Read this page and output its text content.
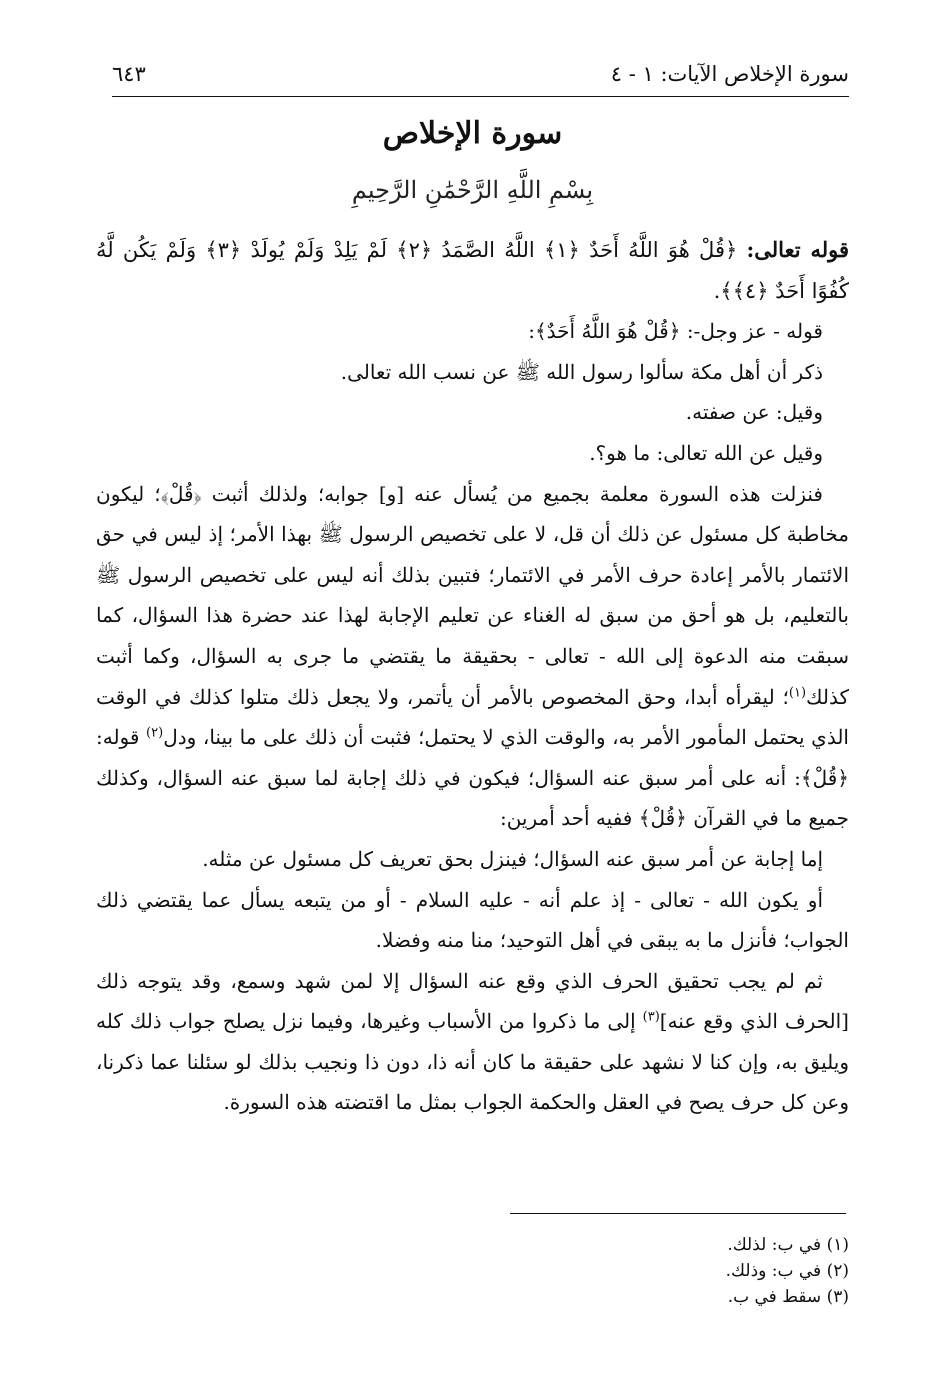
سورة الإخلاص الآيات: ١ - ٤
٦٤٣
سورة الإخلاص
بِسْمِ اللَّهِ الرَّحْمَٰنِ الرَّحِيمِ

قوله تعالى: ﴿قُلْ هُوَ اللَّهُ أَحَدٌ ﴿١﴾ اللَّهُ الصَّمَدُ ﴿٢﴾ لَمْ يَلِدْ وَلَمْ يُولَدْ ﴿٣﴾ وَلَمْ يَكُن لَّهُ كُفُوًا أَحَدٌ ﴿٤﴾﴾.

قوله - عز وجل-: ﴿قُلْ هُوَ اللَّهُ أَحَدٌ﴾:

ذكر أن أهل مكة سألوا رسول الله ﷺ عن نسب الله تعالى.

وقيل: عن صفته.

وقيل عن الله تعالى: ما هو؟.

فنزلت هذه السورة معلمة بجميع من يُسأل عنه [و] جوابه؛ ولذلك أثبت ﴿قُلْ﴾؛ ليكون مخاطبة كل مسئول عن ذلك أن قل، لا على تخصيص الرسول ﷺ بهذا الأمر؛ إذ ليس في حق الائتمار بالأمر إعادة حرف الأمر في الائتمار؛ فتبين بذلك أنه ليس على تخصيص الرسول ﷺ بالتعليم، بل هو أحق من سبق له الغناء عن تعليم الإجابة لهذا عند حضرة هذا السؤال، كما سبقت منه الدعوة إلى الله - تعالى - بحقيقة ما يقتضي ما جرى به السؤال، وكما أثبت كذلك$^{(١)}$؛ ليقرأه أبدا، وحق المخصوص بالأمر أن يأتمر، ولا يجعل ذلك متلوا كذلك في الوقت الذي يحتمل المأمور الأمر به، والوقت الذي لا يحتمل؛ فثبت أن ذلك على ما بينا، ودل$^{(٢)}$ قوله: ﴿قُلْ﴾: أنه على أمر سبق عنه السؤال؛ فيكون في ذلك إجابة لما سبق عنه السؤال، وكذلك جميع ما في القرآن ﴿قُلْ﴾ ففيه أحد أمرين:

إما إجابة عن أمر سبق عنه السؤال؛ فينزل بحق تعريف كل مسئول عن مثله.

أو يكون الله - تعالى - إذ علم أنه - عليه السلام - أو من يتبعه يسأل عما يقتضي ذلك الجواب؛ فأنزل ما به يبقى في أهل التوحيد؛ منا منه وفضلا.

ثم لم يجب تحقيق الحرف الذي وقع عنه السؤال إلا لمن شهد وسمع، وقد يتوجه ذلك [الحرف الذي وقع عنه]$^{(٣)}$ إلى ما ذكروا من الأسباب وغيرها، وفيما نزل يصلح جواب ذلك كله ويليق به، وإن كنا لا نشهد على حقيقة ما كان أنه ذا، دون ذا ونجيب بذلك لو سئلنا عما ذكرنا، وعن كل حرف يصح في العقل والحكمة الجواب بمثل ما اقتضته هذه السورة.

(١) في ب: لذلك.

(٢) في ب: وذلك.

(٣) سقط في ب.
